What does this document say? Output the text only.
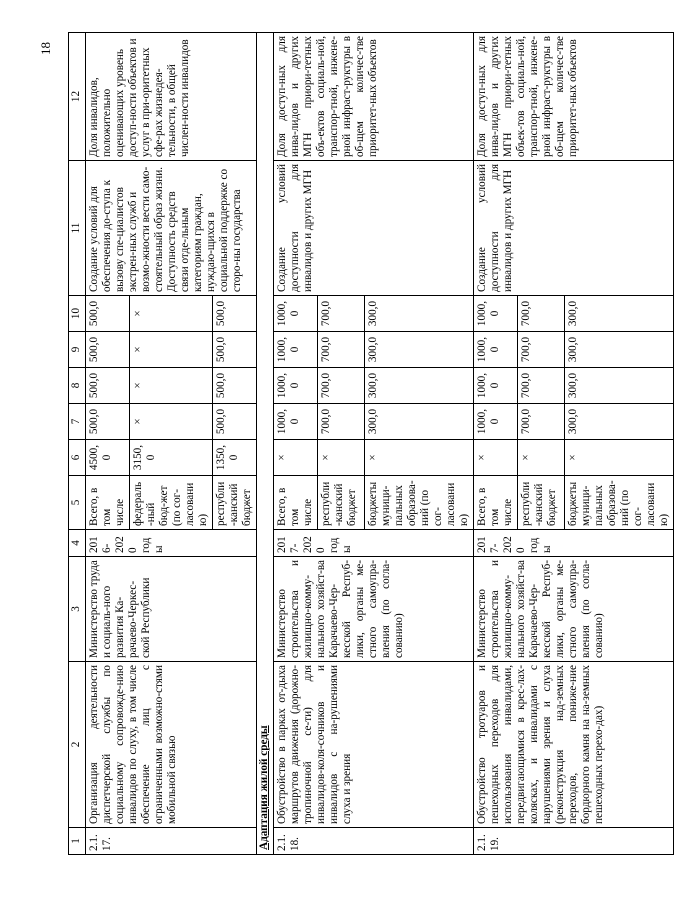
18
1	2	3	4	5	6	7	8	9	10	11	12
2.1.17.	Организация деятельности диспетчерской службы по социальному сопровожде-нию инвалидов по слуху, в том числе обеспечение лиц с ограниченными возможно-стями мобильной связью	Министерство труда и социаль-ного развития Ка-рачаево-Черкес-ской Республики	2016-2020 годы	Всего, в том числе	4500,0	500,0	500,0	500,0	500,0	Создание условий для обеспечения до-ступа к вызову спе-циалистов экстрен-ных служб и возмо-жности вести само-стоятельный образ жизни. Доступность средств связи отде-льным категориям граждан, нуждаю-щихся в социальной поддержке со сторо-ны государства	Доля инвалидов, положительно оценивающих уровень доступ-ности объектов и услуг в при-оритетных сфе-рах жизнедея-тельности, в общей числен-ности инвалидов
				федераль-ный бюд-жет (по сог-ласованию)	3150,0	×	×	×	×		
				республи-канский бюджет	1350,0	500,0	500,0	500,0	500,0		
Адаптация жилой среды											
2.1.18.	Обустройство в парках от-дыха маршрутов движения (дорожно-тропиночной се-ти) для инвалидов-коля-сочников и инвалидов с на-рушениями слуха и зрения	Министерство строительства и жилищно-комму-нального хозяйст-ва Карачаево-Чер-кесской Респуб-лики, органы ме-стного самоупра-вления (по согла-сованию)	2017-2020 годы	Всего, в том числе	×	1000,0	1000,0	1000,0	1000,0	Создание условий доступности для инвалидов и других МГН	Доля доступ-ных для инва-лидов и других МГН приори-тетных объ-ектов социаль-ной, транспор-тной, инжене-рной инфраст-руктуры в об-щем количес-тве приоритет-ных объектов
				республи-канский бюджет	×	700,0	700,0	700,0	700,0		
				бюджеты муници-пальных образова-ний (по сог-ласованию)	×	300,0	300,0	300,0	300,0		
2.1.19.	Обустройство тротуаров и пешеходных переходов для использования инвалидами, передвигающимися в крес-лах-колясках, и инвалидами с нарушениями зрения и слуха (реконструкция над-земных переходов, пониже-ние бордюрного камня на на-земных пешеходных перехо-дах)	Министерство строительства и жилищно-комму-нального хозяйст-ва Карачаево-Чер-кесской Респуб-лики, органы ме-стного самоупра-вления (по согла-сованию)	2017-2020 годы	Всего, в том числе	×	1000,0	1000,0	1000,0	1000,0	Создание условий доступности для инвалидов и других МГН	Доля доступ-ных для инва-лидов и других МГН приори-тетных объек-тов социаль-ной, транспор-тной, инжене-рной инфраст-руктуры в об-щем количес-тве приоритет-ных объектов
				республи-канский бюджет	×	700,0	700,0	700,0	700,0		
				бюджеты муници-пальных образова-ний (по сог-ласованию)	×	300,0	300,0	300,0	300,0		
